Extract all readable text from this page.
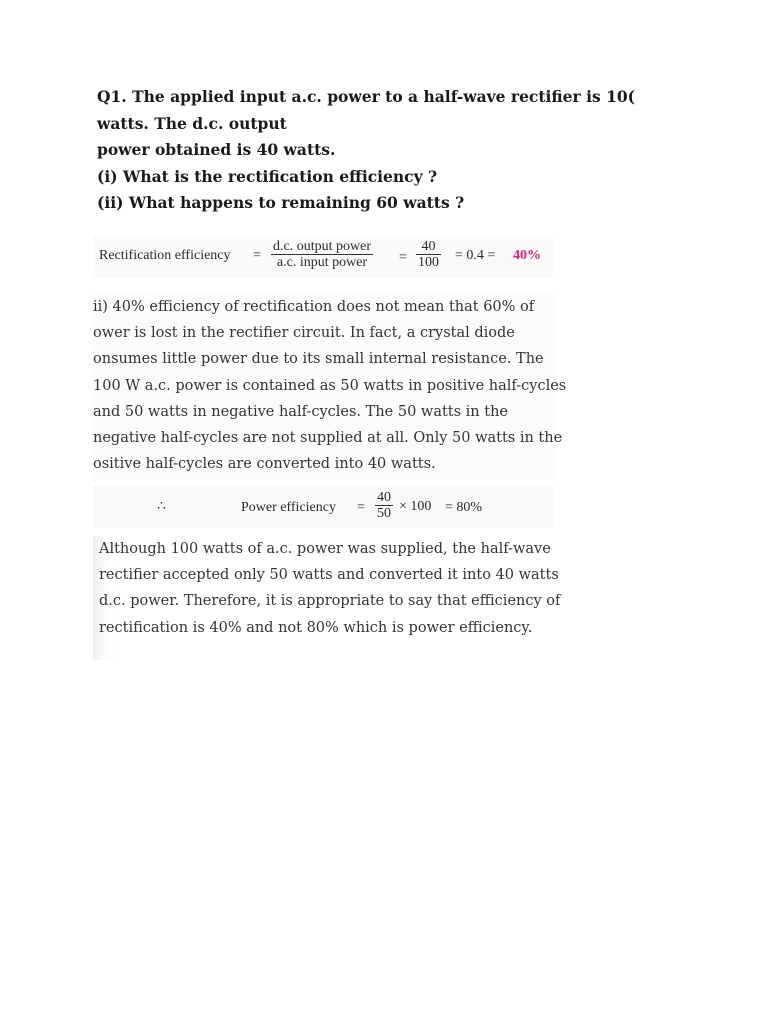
Q1. The applied input a.c. power to a half-wave rectifier is 10(
watts. The d.c. output
power obtained is 40 watts.
(i) What is the rectification efficiency ?
(ii) What happens to remaining 60 watts ?
Rectification efficiency =
d.c. output power
a.c. input power	=
40
100 = 0.4 = 40%
ii) 40% efficiency of rectification does not mean that 60% of
ower is lost in the rectifier circuit. In fact, a crystal diode
onsumes little power due to its small internal resistance. The
100 W a.c. power is contained as 50 watts in positive half-cycles
and 50 watts in negative half-cycles. The 50 watts in the
negative half-cycles are not supplied at all. Only 50 watts in the
ositive half-cycles are converted into 40 watts.
∴	Power efficiency =
40
50 × 100 = 80%
Although 100 watts of a.c. power was supplied, the half-wave
rectifier accepted only 50 watts and converted it into 40 watts
d.c. power. Therefore, it is appropriate to say that efficiency of
rectification is 40% and not 80% which is power efficiency.
